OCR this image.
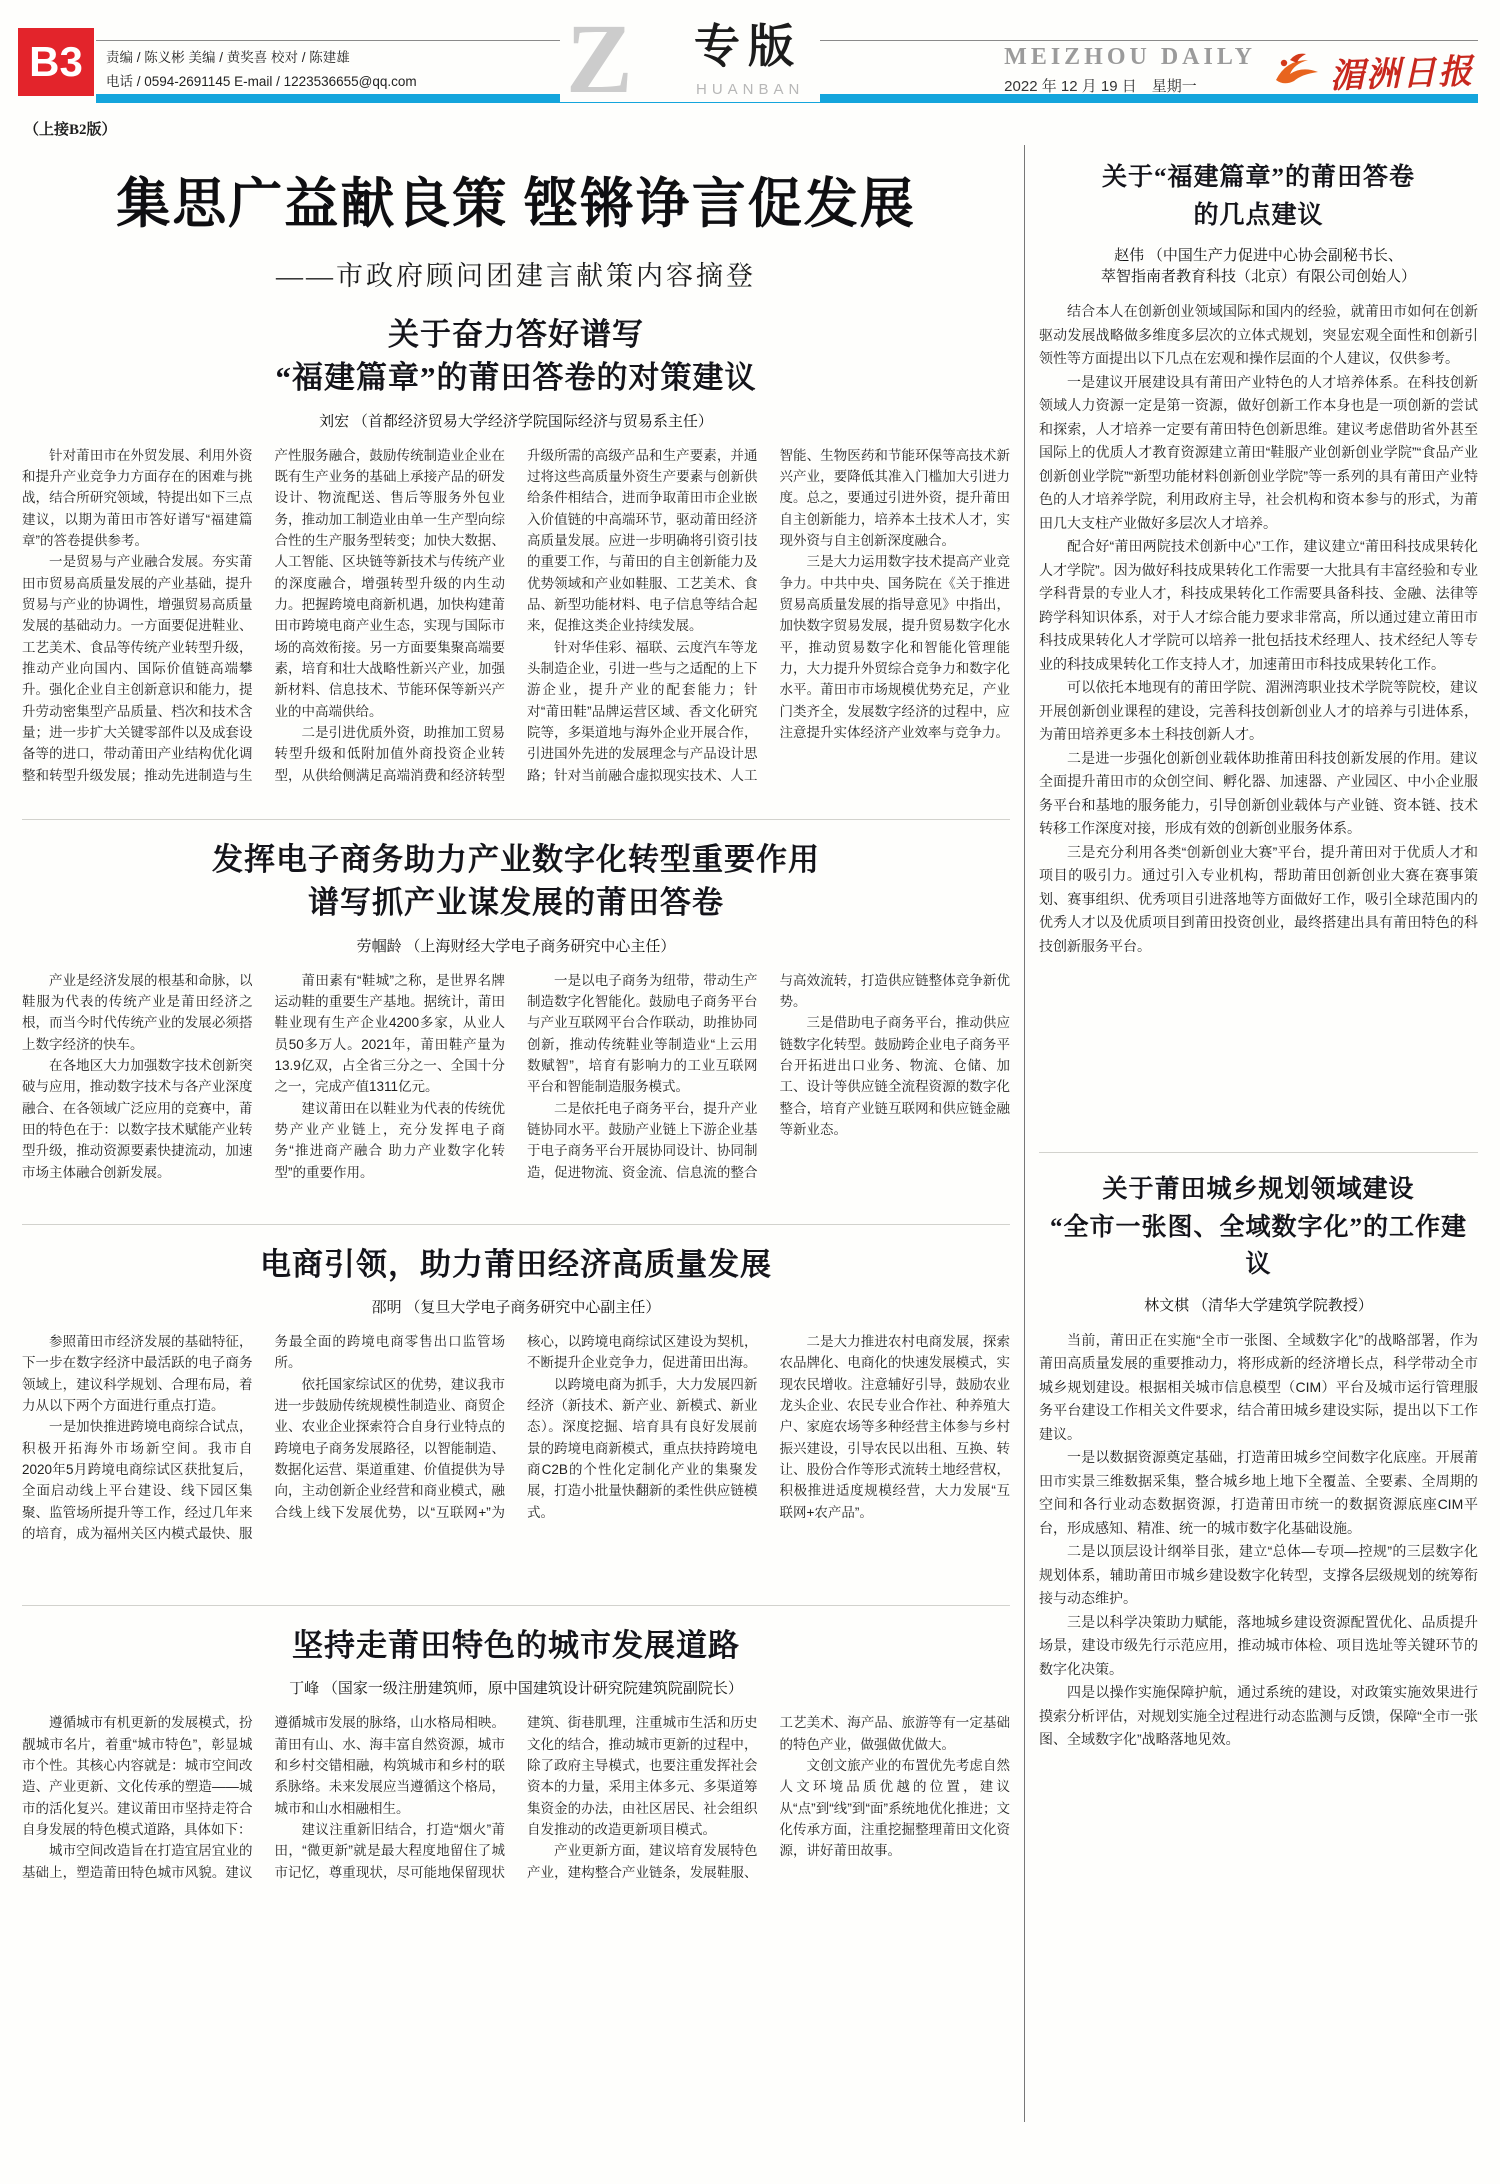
B3	责编 / 陈义彬 美编 / 黄奖喜 校对 / 陈建雄
电话 / 0594-2691145 E-mail / 1223536655@qq.com Z 专版
HUANBAN
MEIZHOU DAILY
2022 年 12 月 19 日　星期一	湄洲日报
（上接B2版）
集思广益献良策 铿锵诤言促发展
——市政府顾问团建言献策内容摘登
关于奋力答好谱写
“福建篇章”的莆田答卷的对策建议
刘宏 （首都经济贸易大学经济学院国际经济与贸易系主任）

针对莆田市在外贸发展、利用外资和提升产业竞争力方面存在的困难与挑战，结合所研究领域，特提出如下三点建议，以期为莆田市答好谱写“福建篇章”的答卷提供参考。

一是贸易与产业融合发展。夯实莆田市贸易高质量发展的产业基础，提升贸易与产业的协调性，增强贸易高质量发展的基础动力。一方面要促进鞋业、工艺美术、食品等传统产业转型升级，推动产业向国内、国际价值链高端攀升。强化企业自主创新意识和能力，提升劳动密集型产品质量、档次和技术含量；进一步扩大关键零部件以及成套设备等的进口，带动莆田产业结构优化调整和转型升级发展；推动先进制造与生产性服务融合，鼓励传统制造业企业在既有生产业务的基础上承接产品的研发设计、物流配送、售后等服务外包业务，推动加工制造业由单一生产型向综合性的生产服务型转变；加快大数据、人工智能、区块链等新技术与传统产业的深度融合，增强转型升级的内生动力。把握跨境电商新机遇，加快构建莆田市跨境电商产业生态，实现与国际市场的高效衔接。另一方面要集聚高端要素，培育和壮大战略性新兴产业，加强新材料、信息技术、节能环保等新兴产业的中高端供给。

二是引进优质外资，助推加工贸易转型升级和低附加值外商投资企业转型，从供给侧满足高端消费和经济转型升级所需的高级产品和生产要素，并通过将这些高质量外资生产要素与创新供给条件相结合，进而争取莆田市企业嵌入价值链的中高端环节，驱动莆田经济高质量发展。应进一步明确将引资引技的重要工作，与莆田的自主创新能力及优势领域和产业如鞋服、工艺美术、食品、新型功能材料、电子信息等结合起来，促推这类企业持续发展。

针对华佳彩、福联、云度汽车等龙头制造企业，引进一些与之适配的上下游企业，提升产业的配套能力；针对“莆田鞋”品牌运营区域、香文化研究院等，多渠道地与海外企业开展合作，引进国外先进的发展理念与产品设计思路；针对当前融合虚拟现实技术、人工智能、生物医药和节能环保等高技术新兴产业，要降低其准入门槛加大引进力度。总之，要通过引进外资，提升莆田自主创新能力，培养本土技术人才，实现外资与自主创新深度融合。

三是大力运用数字技术提高产业竞争力。中共中央、国务院在《关于推进贸易高质量发展的指导意见》中指出，加快数字贸易发展，提升贸易数字化水平，推动贸易数字化和智能化管理能力，大力提升外贸综合竞争力和数字化水平。莆田市市场规模优势充足，产业门类齐全，发展数字经济的过程中，应注意提升实体经济产业效率与竞争力。

发挥电子商务助力产业数字化转型重要作用
谱写抓产业谋发展的莆田答卷
劳帼龄 （上海财经大学电子商务研究中心主任）

产业是经济发展的根基和命脉，以鞋服为代表的传统产业是莆田经济之根，而当今时代传统产业的发展必须搭上数字经济的快车。

在各地区大力加强数字技术创新突破与应用，推动数字技术与各产业深度融合、在各领域广泛应用的竞赛中，莆田的特色在于：以数字技术赋能产业转型升级，推动资源要素快捷流动，加速市场主体融合创新发展。

莆田素有“鞋城”之称，是世界名牌运动鞋的重要生产基地。据统计，莆田鞋业现有生产企业4200多家，从业人员50多万人。2021年，莆田鞋产量为13.9亿双，占全省三分之一、全国十分之一，完成产值1311亿元。

建议莆田在以鞋业为代表的传统优势产业产业链上，充分发挥电子商务“推进商产融合 助力产业数字化转型”的重要作用。

一是以电子商务为纽带，带动生产制造数字化智能化。鼓励电子商务平台与产业互联网平台合作联动，助推协同创新，推动传统鞋业等制造业“上云用数赋智”，培育有影响力的工业互联网平台和智能制造服务模式。

二是依托电子商务平台，提升产业链协同水平。鼓励产业链上下游企业基于电子商务平台开展协同设计、协同制造，促进物流、资金流、信息流的整合与高效流转，打造供应链整体竞争新优势。

三是借助电子商务平台，推动供应链数字化转型。鼓励跨企业电子商务平台开拓进出口业务、物流、仓储、加工、设计等供应链全流程资源的数字化整合，培育产业链互联网和供应链金融等新业态。

电商引领，助力莆田经济高质量发展
邵明 （复旦大学电子商务研究中心副主任）

参照莆田市经济发展的基础特征，下一步在数字经济中最活跃的电子商务领域上，建议科学规划、合理布局，着力从以下两个方面进行重点打造。

一是加快推进跨境电商综合试点，积极开拓海外市场新空间。我市自2020年5月跨境电商综试区获批复后，全面启动线上平台建设、线下园区集聚、监管场所提升等工作，经过几年来的培育，成为福州关区内模式最快、服务最全面的跨境电商零售出口监管场所。

依托国家综试区的优势，建议我市进一步鼓励传统规模性制造业、商贸企业、农业企业探索符合自身行业特点的跨境电子商务发展路径，以智能制造、数据化运营、渠道重建、价值提供为导向，主动创新企业经营和商业模式，融合线上线下发展优势，以“互联网+”为核心，以跨境电商综试区建设为契机，不断提升企业竞争力，促进莆田出海。

以跨境电商为抓手，大力发展四新经济（新技术、新产业、新模式、新业态）。深度挖掘、培育具有良好发展前景的跨境电商新模式，重点扶持跨境电商C2B的个性化定制化产业的集聚发展，打造小批量快翻新的柔性供应链模式。

二是大力推进农村电商发展，探索农品牌化、电商化的快速发展模式，实现农民增收。注意辅好引导，鼓励农业龙头企业、农民专业合作社、种养殖大户、家庭农场等多种经营主体参与乡村振兴建设，引导农民以出租、互换、转让、股份合作等形式流转土地经营权，积极推进适度规模经营，大力发展“互联网+农产品”。

坚持走莆田特色的城市发展道路
丁峰 （国家一级注册建筑师，原中国建筑设计研究院建筑院副院长）

遵循城市有机更新的发展模式，扮靓城市名片，着重“城市特色”，彰显城市个性。其核心内容就是：城市空间改造、产业更新、文化传承的塑造——城市的活化复兴。建议莆田市坚持走符合自身发展的特色模式道路，具体如下：

城市空间改造旨在打造宜居宜业的基础上，塑造莆田特色城市风貌。建议遵循城市发展的脉络，山水格局相映。莆田有山、水、海丰富自然资源，城市和乡村交错相融，构筑城市和乡村的联系脉络。未来发展应当遵循这个格局，城市和山水相融相生。

建议注重新旧结合，打造“烟火”莆田，“微更新”就是最大程度地留住了城市记忆，尊重现状，尽可能地保留现状建筑、街巷肌理，注重城市生活和历史文化的结合，推动城市更新的过程中，除了政府主导模式，也要注重发挥社会资本的力量，采用主体多元、多渠道筹集资金的办法，由社区居民、社会组织自发推动的改造更新项目模式。

产业更新方面，建议培育发展特色产业，建构整合产业链条，发展鞋服、工艺美术、海产品、旅游等有一定基础的特色产业，做强做优做大。

文创文旅产业的布置优先考虑自然人文环境品质优越的位置，建议从“点”到“线”到“面”系统地优化推进；文化传承方面，注重挖掘整理莆田文化资源，讲好莆田故事。

关于“福建篇章”的莆田答卷
的几点建议
赵伟 （中国生产力促进中心协会副秘书长、
萃智指南者教育科技（北京）有限公司创始人）

结合本人在创新创业领域国际和国内的经验，就莆田市如何在创新驱动发展战略做多维度多层次的立体式规划，突显宏观全面性和创新引领性等方面提出以下几点在宏观和操作层面的个人建议，仅供参考。

一是建议开展建设具有莆田产业特色的人才培养体系。在科技创新领域人力资源一定是第一资源，做好创新工作本身也是一项创新的尝试和探索，人才培养一定要有莆田特色创新思维。建议考虑借助省外甚至国际上的优质人才教育资源建立莆田“鞋服产业创新创业学院”“食品产业创新创业学院”“新型功能材料创新创业学院”等一系列的具有莆田产业特色的人才培养学院，利用政府主导，社会机构和资本参与的形式，为莆田几大支柱产业做好多层次人才培养。

配合好“莆田两院技术创新中心”工作，建议建立“莆田科技成果转化人才学院”。因为做好科技成果转化工作需要一大批具有丰富经验和专业学科背景的专业人才，科技成果转化工作需要具备科技、金融、法律等跨学科知识体系，对于人才综合能力要求非常高，所以通过建立莆田市科技成果转化人才学院可以培养一批包括技术经理人、技术经纪人等专业的科技成果转化工作支持人才，加速莆田市科技成果转化工作。

可以依托本地现有的莆田学院、湄洲湾职业技术学院等院校，建议开展创新创业课程的建设，完善科技创新创业人才的培养与引进体系，为莆田培养更多本土科技创新人才。

二是进一步强化创新创业载体助推莆田科技创新发展的作用。建议全面提升莆田市的众创空间、孵化器、加速器、产业园区、中小企业服务平台和基地的服务能力，引导创新创业载体与产业链、资本链、技术转移工作深度对接，形成有效的创新创业服务体系。

三是充分利用各类“创新创业大赛”平台，提升莆田对于优质人才和项目的吸引力。通过引入专业机构，帮助莆田创新创业大赛在赛事策划、赛事组织、优秀项目引进落地等方面做好工作，吸引全球范围内的优秀人才以及优质项目到莆田投资创业，最终搭建出具有莆田特色的科技创新服务平台。

关于莆田城乡规划领域建设
“全市一张图、全域数字化”的工作建议
林文棋 （清华大学建筑学院教授）

当前，莆田正在实施“全市一张图、全域数字化”的战略部署，作为莆田高质量发展的重要推动力，将形成新的经济增长点，科学带动全市城乡规划建设。根据相关城市信息模型（CIM）平台及城市运行管理服务平台建设工作相关文件要求，结合莆田城乡建设实际，提出以下工作建议。

一是以数据资源奠定基础，打造莆田城乡空间数字化底座。开展莆田市实景三维数据采集，整合城乡地上地下全覆盖、全要素、全周期的空间和各行业动态数据资源，打造莆田市统一的数据资源底座CIM平台，形成感知、精准、统一的城市数字化基础设施。

二是以顶层设计纲举目张，建立“总体—专项—控规”的三层数字化规划体系，辅助莆田市城乡建设数字化转型，支撑各层级规划的统筹衔接与动态维护。

三是以科学决策助力赋能，落地城乡建设资源配置优化、品质提升场景，建设市级先行示范应用，推动城市体检、项目选址等关键环节的数字化决策。

四是以操作实施保障护航，通过系统的建设，对政策实施效果进行摸索分析评估，对规划实施全过程进行动态监测与反馈，保障“全市一张图、全域数字化”战略落地见效。
